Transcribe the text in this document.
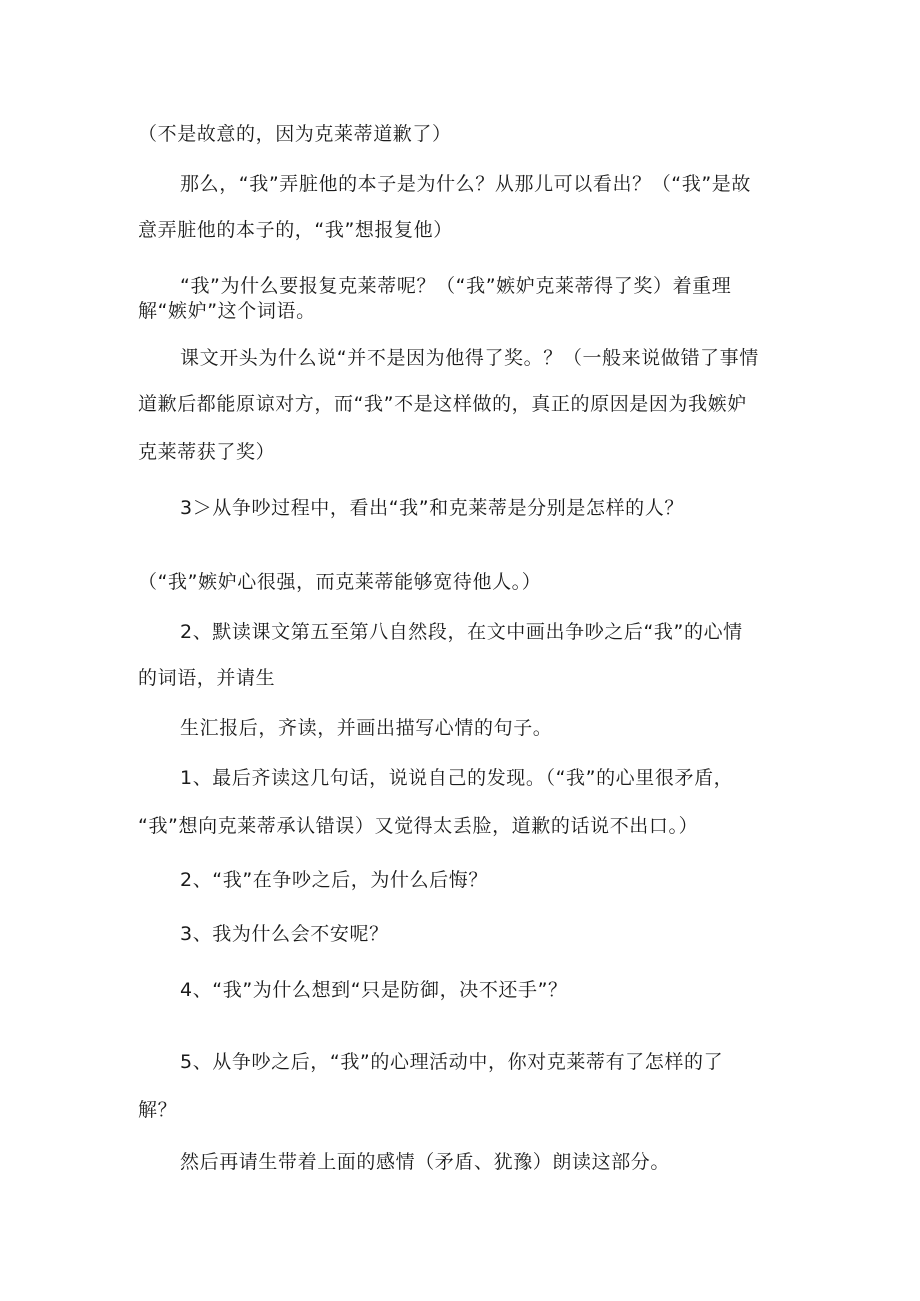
（不是故意的，因为克莱蒂道歉了）
那么，“我”弄脏他的本子是为什么？从那儿可以看出？（“我”是故
意弄脏他的本子的，“我”想报复他）
“我”为什么要报复克莱蒂呢？（“我”嫉妒克莱蒂得了奖）着重理
解“嫉妒”这个词语。
课文开头为什么说“并不是因为他得了奖。？（一般来说做错了事情
道歉后都能原谅对方，而“我”不是这样做的，真正的原因是因为我嫉妒
克莱蒂获了奖）
3＞从争吵过程中，看出“我”和克莱蒂是分别是怎样的人？
（“我”嫉妒心很强，而克莱蒂能够宽待他人。）
2、默读课文第五至第八自然段，在文中画出争吵之后“我”的心情
的词语，并请生
生汇报后，齐读，并画出描写心情的句子。
1、最后齐读这几句话，说说自己的发现。（“我”的心里很矛盾，
“我”想向克莱蒂承认错误）又觉得太丢脸，道歉的话说不出口。）
2、“我”在争吵之后，为什么后悔？
3、我为什么会不安呢？
4、“我”为什么想到“只是防御，决不还手”？
5、从争吵之后，“我”的心理活动中，你对克莱蒂有了怎样的了
解？
然后再请生带着上面的感情（矛盾、犹豫）朗读这部分。
